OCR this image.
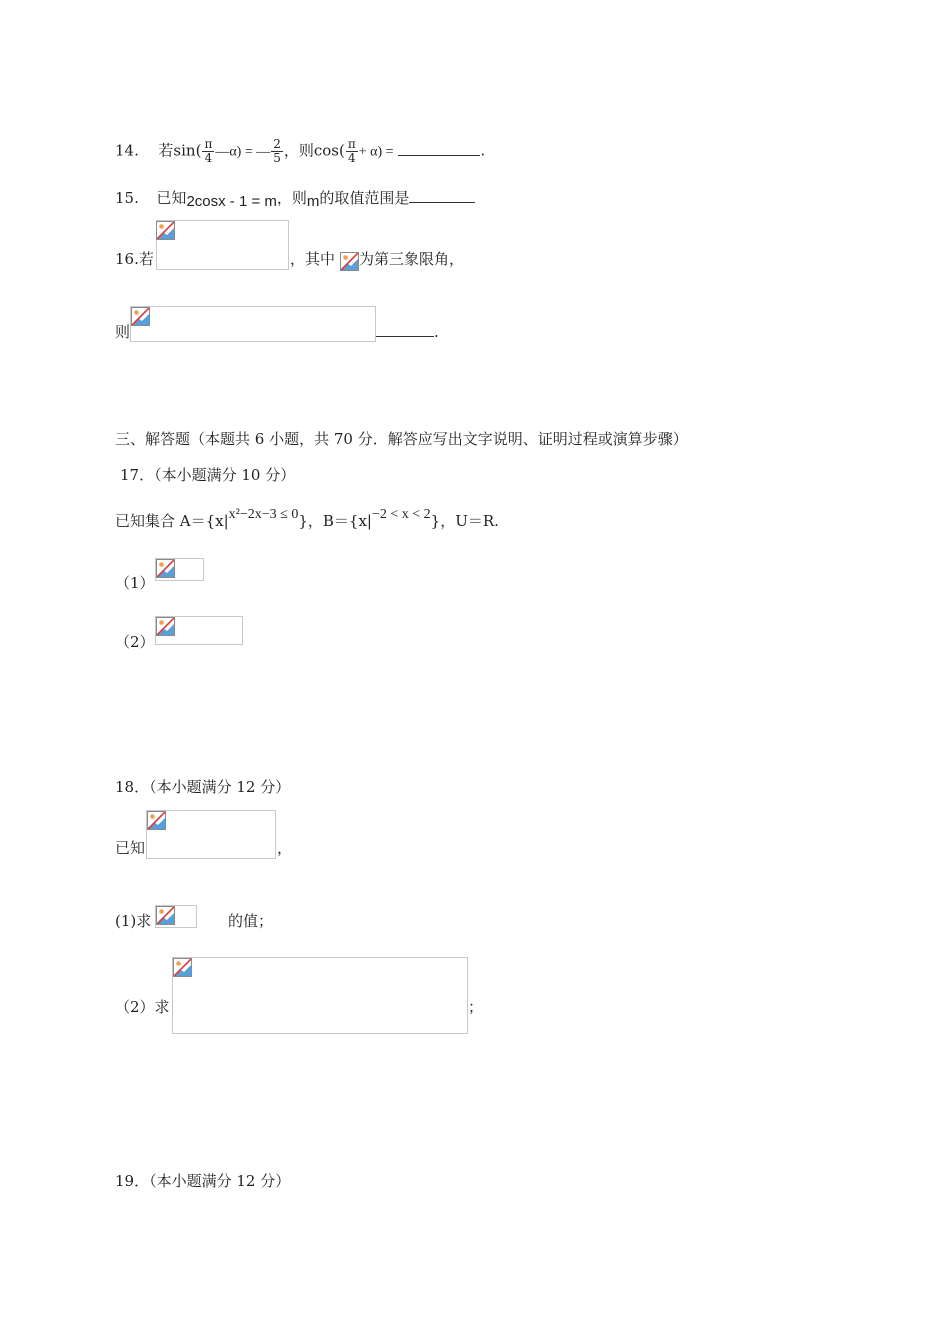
14. 若$\sin( \frac{\pi}{4}$ —α) = — $\frac{2}{5}$ ，则$\cos( \frac{\pi}{4} + \alpha)$ =	.
15. 已知2cosx - 1 = m，则m的取值范围是
16.若	，其中 为第三象限角，
则	.
三、解答题（本题共 6 小题，共 70 分．解答应写出文字说明、证明过程或演算步骤）
17．（本小题满分 10 分）
已知集合 A＝{x|x²−2x−3 ≤ 0}，B＝{x|−2 < x < 2}，U＝R.
（1）
（2）
18．（本小题满分 12 分）
已知	，
(1)求	的值；
（2）求	；
19．（本小题满分 12 分）
